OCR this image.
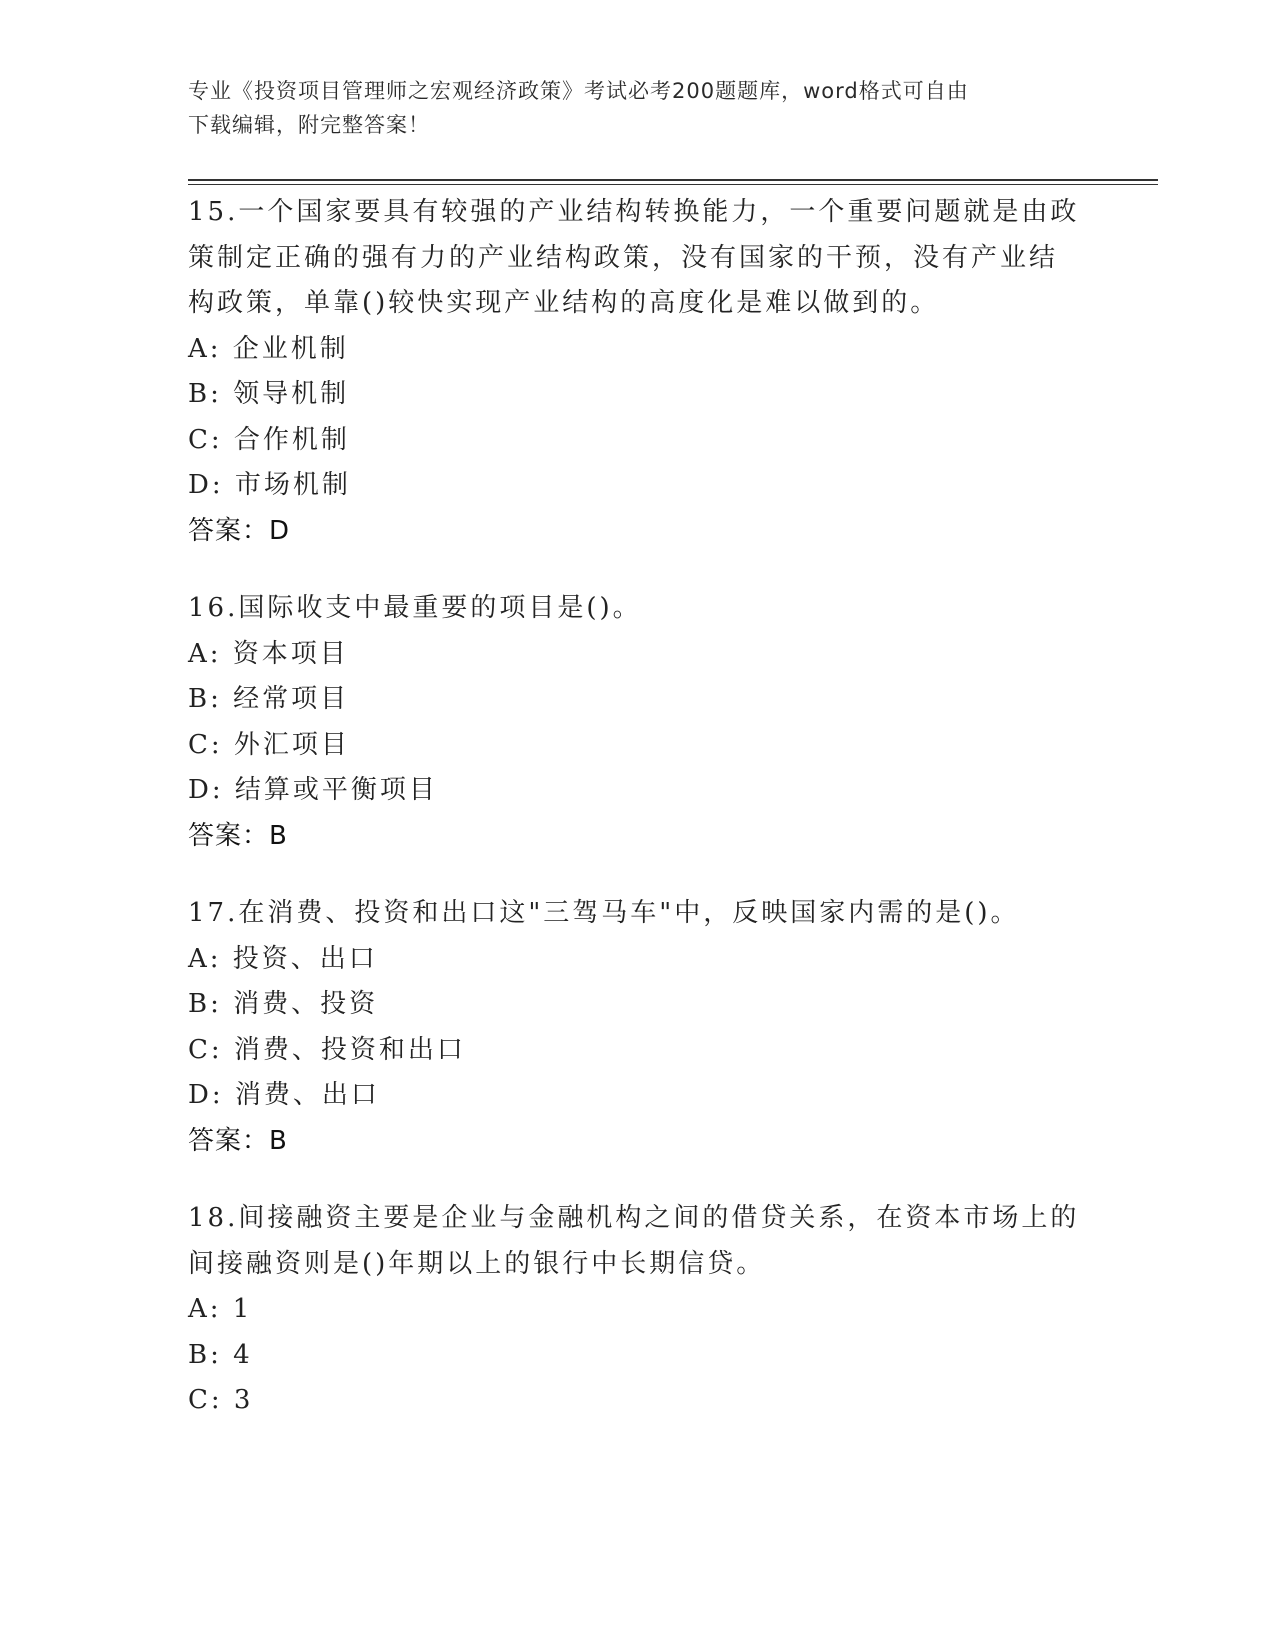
专业《投资项目管理师之宏观经济政策》考试必考200题题库，word格式可自由
下载编辑，附完整答案！
15.一个国家要具有较强的产业结构转换能力，一个重要问题就是由政
策制定正确的强有力的产业结构政策，没有国家的干预，没有产业结
构政策，单靠()较快实现产业结构的高度化是难以做到的。
A: 企业机制
B: 领导机制
C: 合作机制
D: 市场机制
答案：D
16.国际收支中最重要的项目是()。
A: 资本项目
B: 经常项目
C: 外汇项目
D: 结算或平衡项目
答案：B
17.在消费、投资和出口这"三驾马车"中，反映国家内需的是()。
A: 投资、出口
B: 消费、投资
C: 消费、投资和出口
D: 消费、出口
答案：B
18.间接融资主要是企业与金融机构之间的借贷关系，在资本市场上的
间接融资则是()年期以上的银行中长期信贷。
A: 1
B: 4
C: 3
